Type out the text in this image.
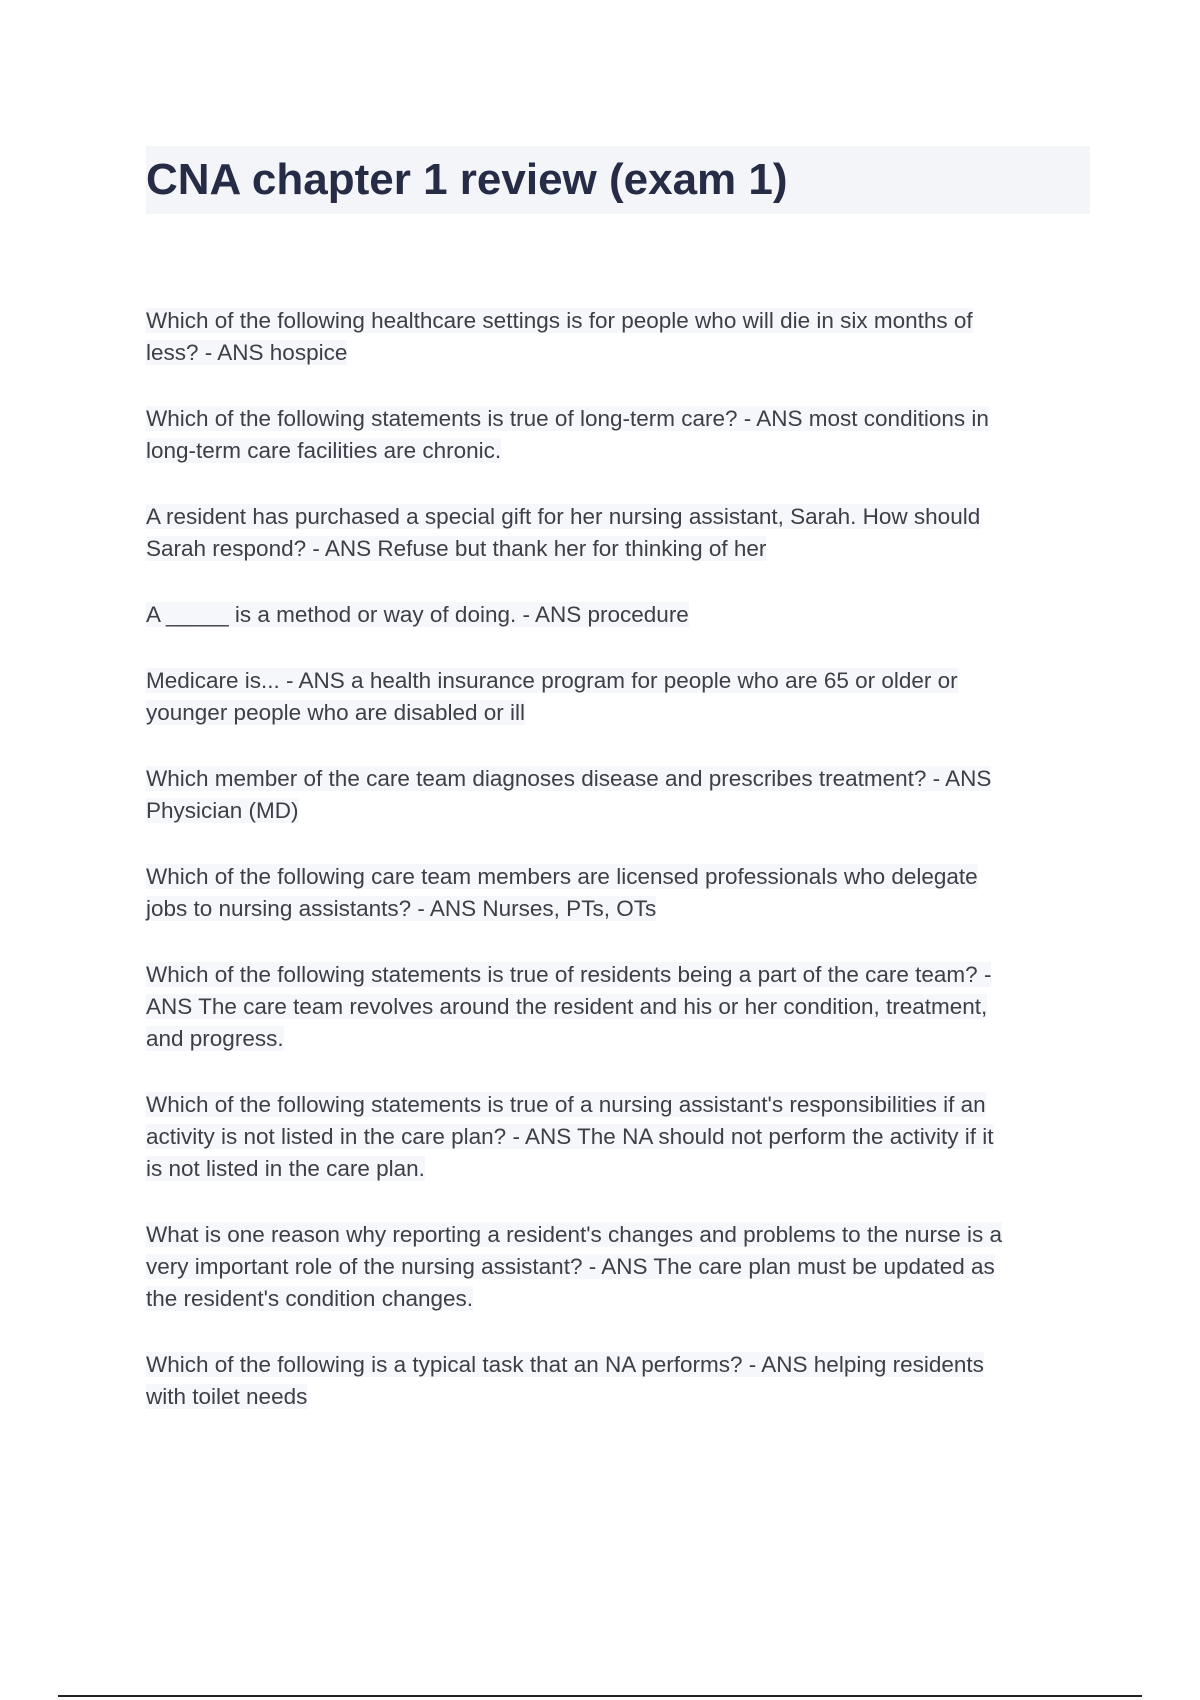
CNA chapter 1 review (exam 1)
Which of the following healthcare settings is for people who will die in six months of
less? - ANS hospice
Which of the following statements is true of long-term care? - ANS most conditions in
long-term care facilities are chronic.
A resident has purchased a special gift for her nursing assistant, Sarah. How should
Sarah respond? - ANS Refuse but thank her for thinking of her
A _____ is a method or way of doing. - ANS procedure
Medicare is... - ANS a health insurance program for people who are 65 or older or
younger people who are disabled or ill
Which member of the care team diagnoses disease and prescribes treatment? - ANS
Physician (MD)
Which of the following care team members are licensed professionals who delegate
jobs to nursing assistants? - ANS Nurses, PTs, OTs
Which of the following statements is true of residents being a part of the care team? -
ANS The care team revolves around the resident and his or her condition, treatment,
and progress.
Which of the following statements is true of a nursing assistant's responsibilities if an
activity is not listed in the care plan? - ANS The NA should not perform the activity if it
is not listed in the care plan.
What is one reason why reporting a resident's changes and problems to the nurse is a
very important role of the nursing assistant? - ANS The care plan must be updated as
the resident's condition changes.
Which of the following is a typical task that an NA performs? - ANS helping residents
with toilet needs
